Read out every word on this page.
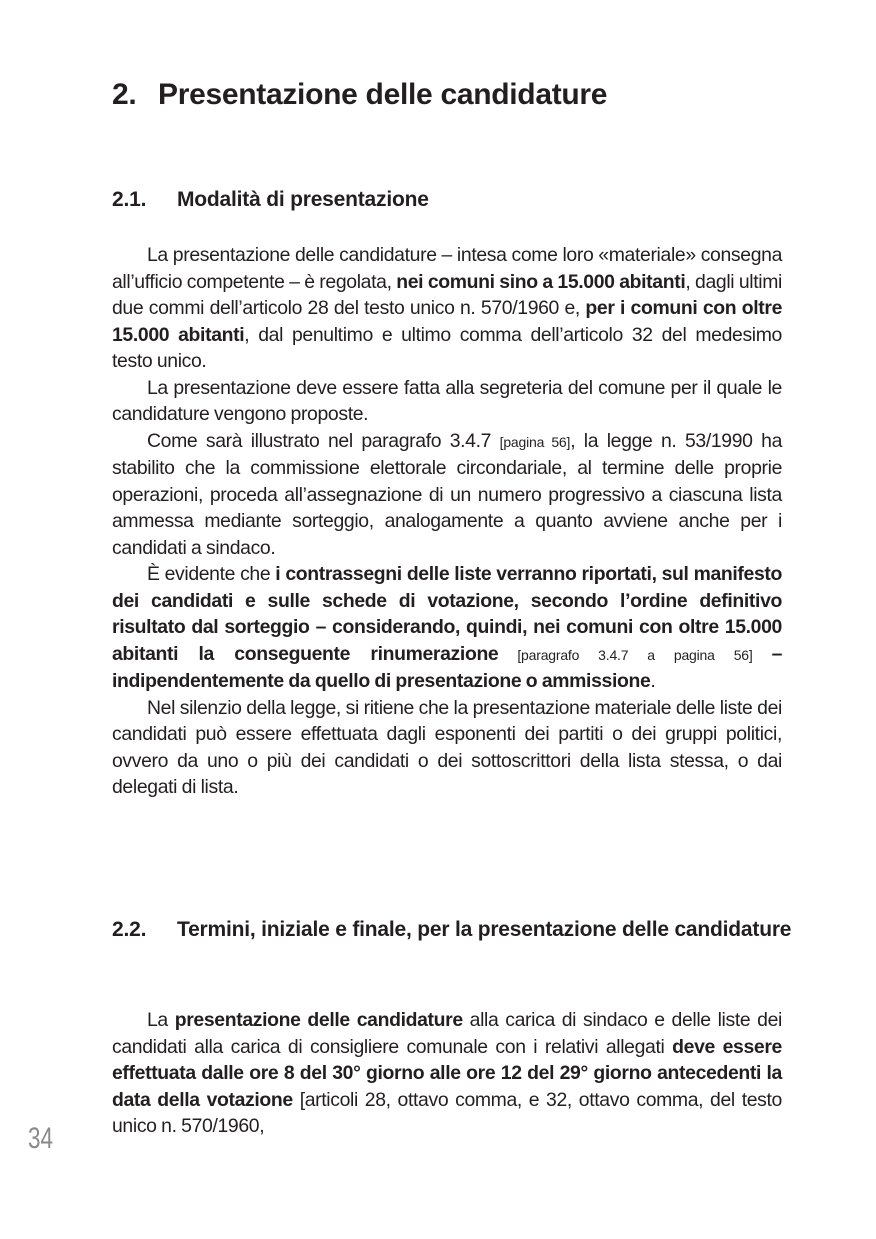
2. Presentazione delle candidature
2.1. Modalità di presentazione

La presentazione delle candidature – intesa come loro «materiale» consegna all’ufficio competente – è regolata, nei comuni sino a 15.000 abitanti, dagli ultimi due commi dell’articolo 28 del testo unico n. 570/1960 e, per i comuni con oltre 15.000 abitanti, dal penultimo e ultimo comma dell’articolo 32 del medesimo testo unico.

La presentazione deve essere fatta alla segreteria del comune per il quale le candidature vengono proposte.

Come sarà illustrato nel paragrafo 3.4.7 [pagina 56], la legge n. 53/1990 ha stabilito che la commissione elettorale circondariale, al termine delle proprie operazioni, proceda all’assegnazione di un numero progressivo a ciascuna lista ammessa mediante sorteggio, analogamente a quanto avviene anche per i candidati a sindaco.

È evidente che i contrassegni delle liste verranno riportati, sul manifesto dei candidati e sulle schede di votazione, secondo l’ordine definitivo risultato dal sorteggio – considerando, quindi, nei comuni con oltre 15.000 abitanti la conseguente rinumerazione [paragrafo 3.4.7 a pagina 56] – indipendentemente da quello di presentazione o ammissione.

Nel silenzio della legge, si ritiene che la presentazione materiale delle liste dei candidati può essere effettuata dagli esponenti dei partiti o dei gruppi politici, ovvero da uno o più dei candidati o dei sottoscrittori della lista stessa, o dai delegati di lista.

2.2. Termini, iniziale e finale, per la presentazione delle candidature

La presentazione delle candidature alla carica di sindaco e delle liste dei candidati alla carica di consigliere comunale con i relativi allegati deve essere effettuata dalle ore 8 del 30° giorno alle ore 12 del 29° giorno antecedenti la data della votazione [articoli 28, ottavo comma, e 32, ottavo comma, del testo unico n. 570/1960,

34
